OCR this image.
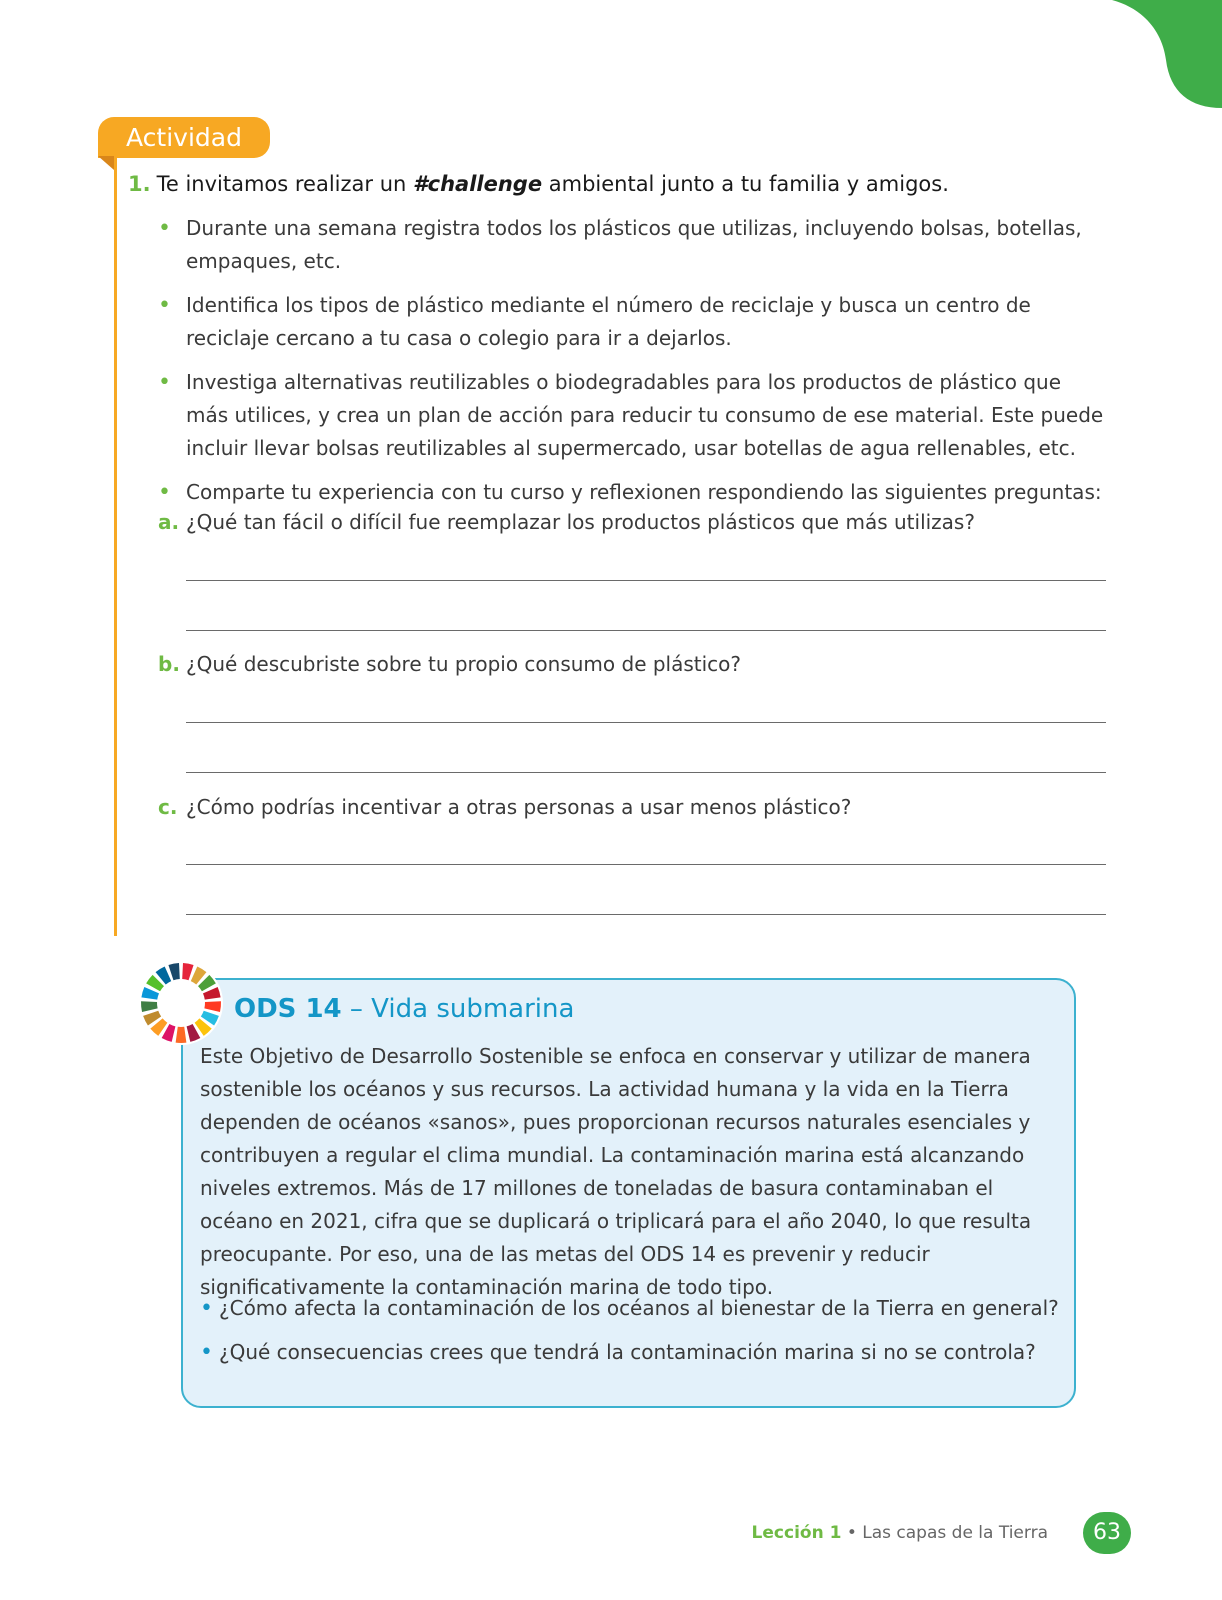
Actividad
1. Te invitamos realizar un #challenge ambiental junto a tu familia y amigos.
• Durante una semana registra todos los plásticos que utilizas, incluyendo bolsas, botellas, empaques, etc.
• Identifica los tipos de plástico mediante el número de reciclaje y busca un centro de reciclaje cercano a tu casa o colegio para ir a dejarlos.
• Investiga alternativas reutilizables o biodegradables para los productos de plástico que más utilices, y crea un plan de acción para reducir tu consumo de ese material. Este puede incluir llevar bolsas reutilizables al supermercado, usar botellas de agua rellenables, etc.
• Comparte tu experiencia con tu curso y reflexionen respondiendo las siguientes preguntas:
a. ¿Qué tan fácil o difícil fue reemplazar los productos plásticos que más utilizas?
b. ¿Qué descubriste sobre tu propio consumo de plástico?
c. ¿Cómo podrías incentivar a otras personas a usar menos plástico?
ODS 14 – Vida submarina

Este Objetivo de Desarrollo Sostenible se enfoca en conservar y utilizar de manera sostenible los océanos y sus recursos. La actividad humana y la vida en la Tierra dependen de océanos «sanos», pues proporcionan recursos naturales esenciales y contribuyen a regular el clima mundial. La contaminación marina está alcanzando niveles extremos. Más de 17 millones de toneladas de basura contaminaban el océano en 2021, cifra que se duplicará o triplicará para el año 2040, lo que resulta preocupante. Por eso, una de las metas del ODS 14 es prevenir y reducir significativamente la contaminación marina de todo tipo.

• ¿Cómo afecta la contaminación de los océanos al bienestar de la Tierra en general?
• ¿Qué consecuencias crees que tendrá la contaminación marina si no se controla?
Lección 1 • Las capas de la Tierra	63
